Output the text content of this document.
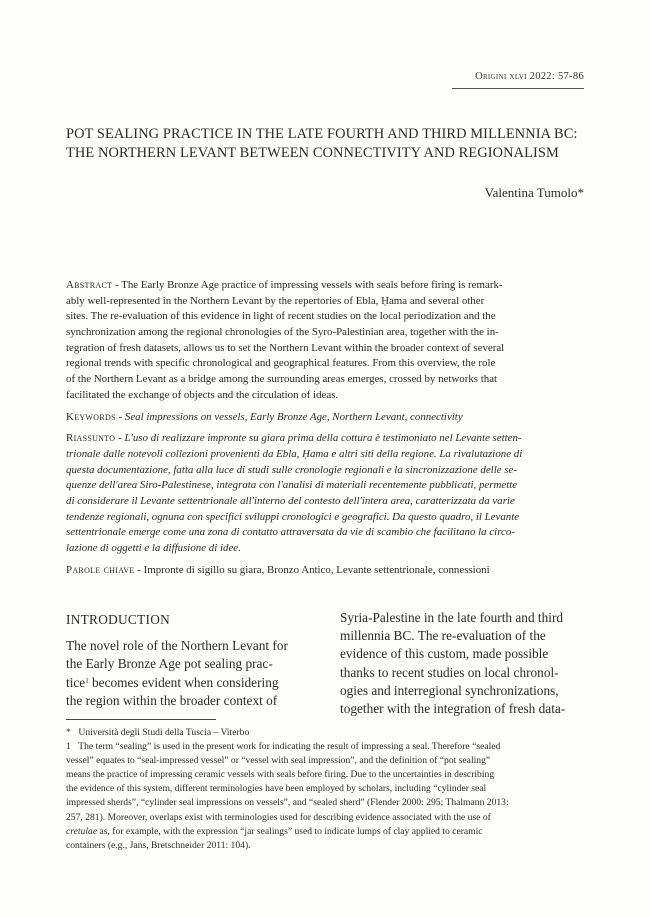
Origini xlvi 2022: 57-86
POT SEALING PRACTICE IN THE LATE FOURTH AND THIRD MILLENNIA BC:
THE NORTHERN LEVANT BETWEEN CONNECTIVITY AND REGIONALISM
Valentina Tumolo*
Abstract - The Early Bronze Age practice of impressing vessels with seals before firing is remark-
ably well-represented in the Northern Levant by the repertories of Ebla, Ḥama and several other
sites. The re-evaluation of this evidence in light of recent studies on the local periodization and the
synchronization among the regional chronologies of the Syro-Palestinian area, together with the in-
tegration of fresh datasets, allows us to set the Northern Levant within the broader context of several
regional trends with specific chronological and geographical features. From this overview, the role
of the Northern Levant as a bridge among the surrounding areas emerges, crossed by networks that
facilitated the exchange of objects and the circulation of ideas.
Keywords - Seal impressions on vessels, Early Bronze Age, Northern Levant, connectivity
Riassunto - L'uso di realizzare impronte su giara prima della cottura è testimoniato nel Levante setten-
trionale dalle notevoli collezioni provenienti da Ebla, Ḥama e altri siti della regione. La rivalutazione di
questa documentazione, fatta alla luce di studi sulle cronologie regionali e la sincronizzazione delle se-
quenze dell'area Siro-Palestinese, integrata con l'analisi di materiali recentemente pubblicati, permette
di considerare il Levante settentrionale all'interno del contesto dell'intera area, caratterizzata da varie
tendenze regionali, ognuna con specifici sviluppi cronologici e geografici. Da questo quadro, il Levante
settentrionale emerge come una zona di contatto attraversata da vie di scambio che facilitano la circo-
lazione di oggetti e la diffusione di idee.
Parole chiave - Impronte di sigillo su giara, Bronzo Antico, Levante settentrionale, connessioni
INTRODUCTION
The novel role of the Northern Levant for
the Early Bronze Age pot sealing prac-
tice$^1$ becomes evident when considering
the region within the broader context of
Syria-Palestine in the late fourth and third
millennia BC. The re-evaluation of the
evidence of this custom, made possible
thanks to recent studies on local chronol-
ogies and interregional synchronizations,
together with the integration of fresh data-
* Università degli Studi della Tuscia – Viterbo
1 The term “sealing” is used in the present work for indicating the result of impressing a seal. Therefore “sealed
vessel” equates to “seal-impressed vessel” or “vessel with seal impression”, and the definition of “pot sealing”
means the practice of impressing ceramic vessels with seals before firing. Due to the uncertainties in describing
the evidence of this system, different terminologies have been employed by scholars, including “cylinder seal
impressed sherds”, “cylinder seal impressions on vessels”, and “sealed sherd” (Flender 2000: 295; Thalmann 2013:
257, 281). Moreover, overlaps exist with terminologies used for describing evidence associated with the use of
cretulae as, for example, with the expression “jar sealings” used to indicate lumps of clay applied to ceramic
containers (e.g., Jans, Bretschneider 2011: 104).
